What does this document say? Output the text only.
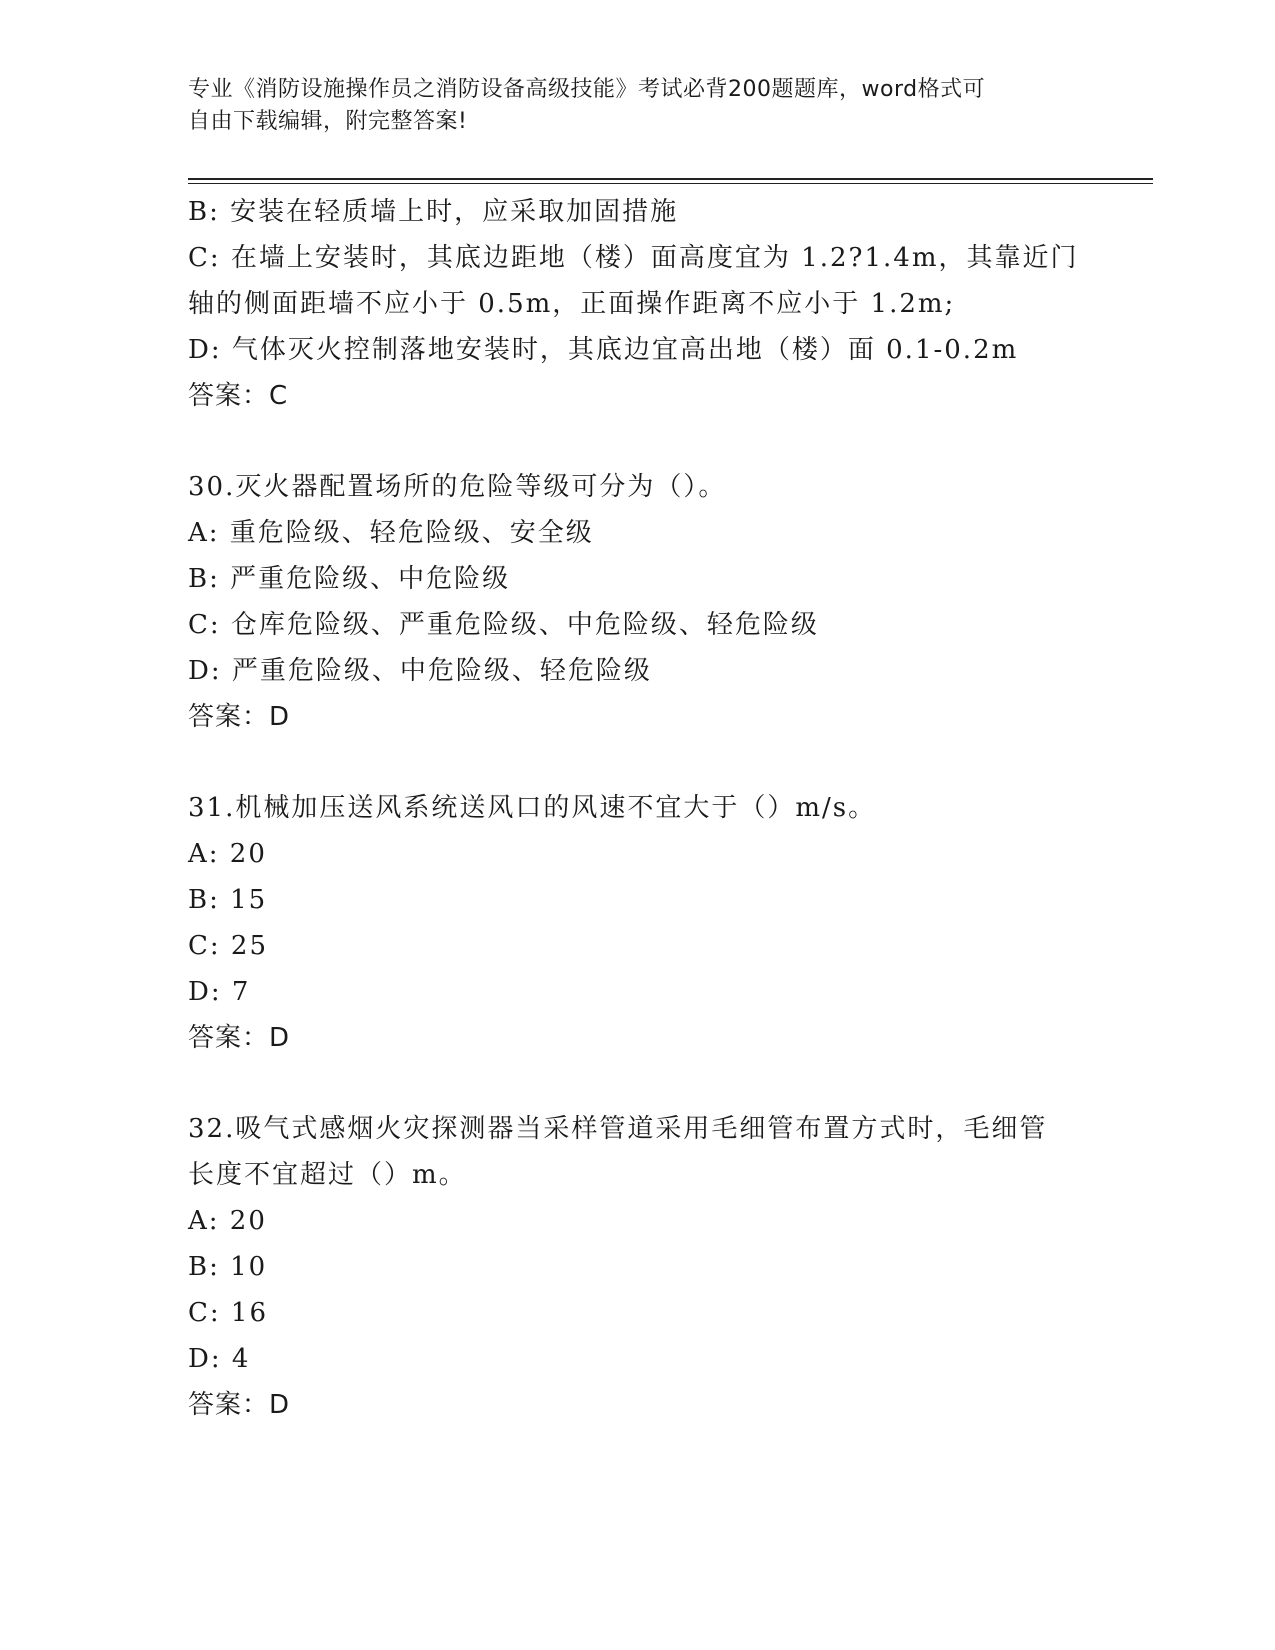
专业《消防设施操作员之消防设备高级技能》考试必背200题题库，word格式可
自由下载编辑，附完整答案!
B: 安装在轻质墙上时，应采取加固措施
C: 在墙上安装时，其底边距地（楼）面高度宜为 1.2?1.4m，其靠近门
轴的侧面距墙不应小于 0.5m，正面操作距离不应小于 1.2m;
D: 气体灭火控制落地安装时，其底边宜高出地（楼）面 0.1-0.2m
答案：C
30.灭火器配置场所的危险等级可分为（）。
A: 重危险级、轻危险级、安全级
B: 严重危险级、中危险级
C: 仓库危险级、严重危险级、中危险级、轻危险级
D: 严重危险级、中危险级、轻危险级
答案：D
31.机械加压送风系统送风口的风速不宜大于（）m/s。
A: 20
B: 15
C: 25
D: 7
答案：D
32.吸气式感烟火灾探测器当采样管道采用毛细管布置方式时，毛细管
长度不宜超过（）m。
A: 20
B: 10
C: 16
D: 4
答案：D
